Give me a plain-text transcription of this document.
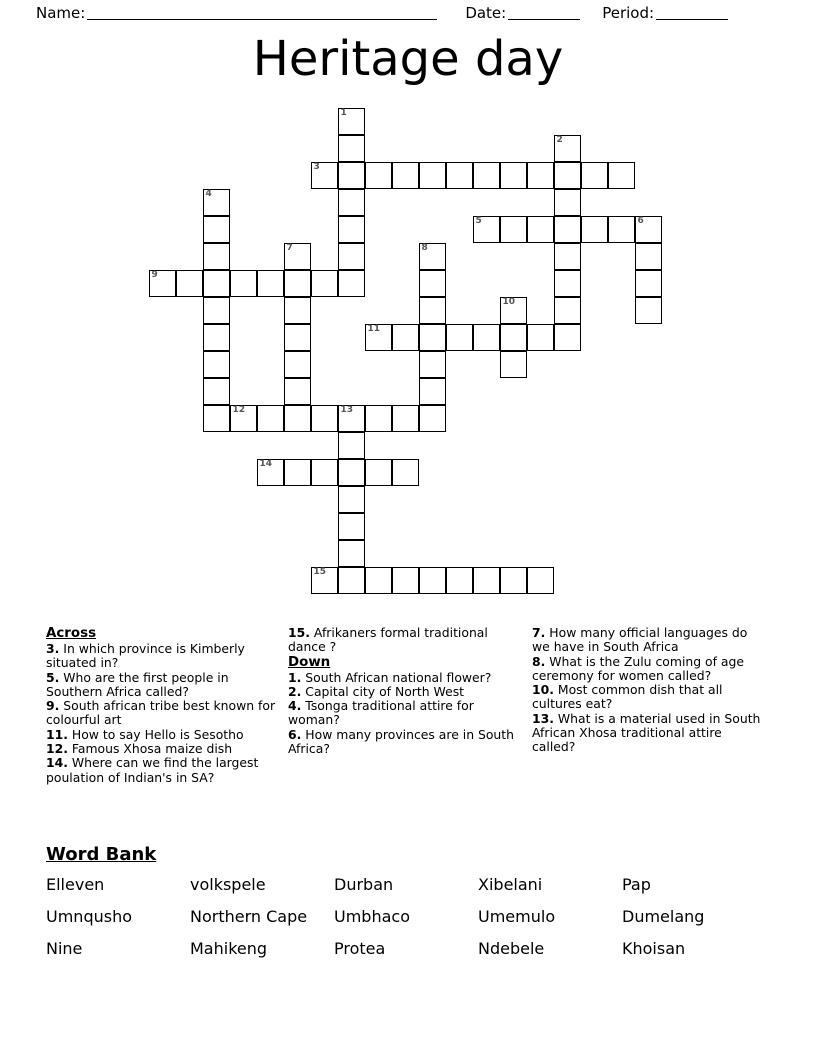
Name:	Date:	Period:
Heritage day
1
2
3
4
5	6
7	8
9
10
11
12	13
14
15
Across
3. In which province is Kimberly situated in?
5. Who are the first people in Southern Africa called?
9. South african tribe best known for colourful art
11. How to say Hello is Sesotho
12. Famous Xhosa maize dish
14. Where can we find the largest poulation of Indian's in SA?
15. Afrikaners formal traditional dance ?
Down
1. South African national flower?
2. Capital city of North West
4. Tsonga traditional attire for woman?
6. How many provinces are in South Africa?
7. How many official languages do we have in South Africa
8. What is the Zulu coming of age ceremony for women called?
10. Most common dish that all cultures eat?
13. What is a material used in South African Xhosa traditional attire called?
Word Bank
Elleven	volkspele	Durban	Xibelani	Pap
Umnqusho	Northern Cape	Umbhaco	Umemulo	Dumelang
Nine	Mahikeng	Protea	Ndebele	Khoisan
